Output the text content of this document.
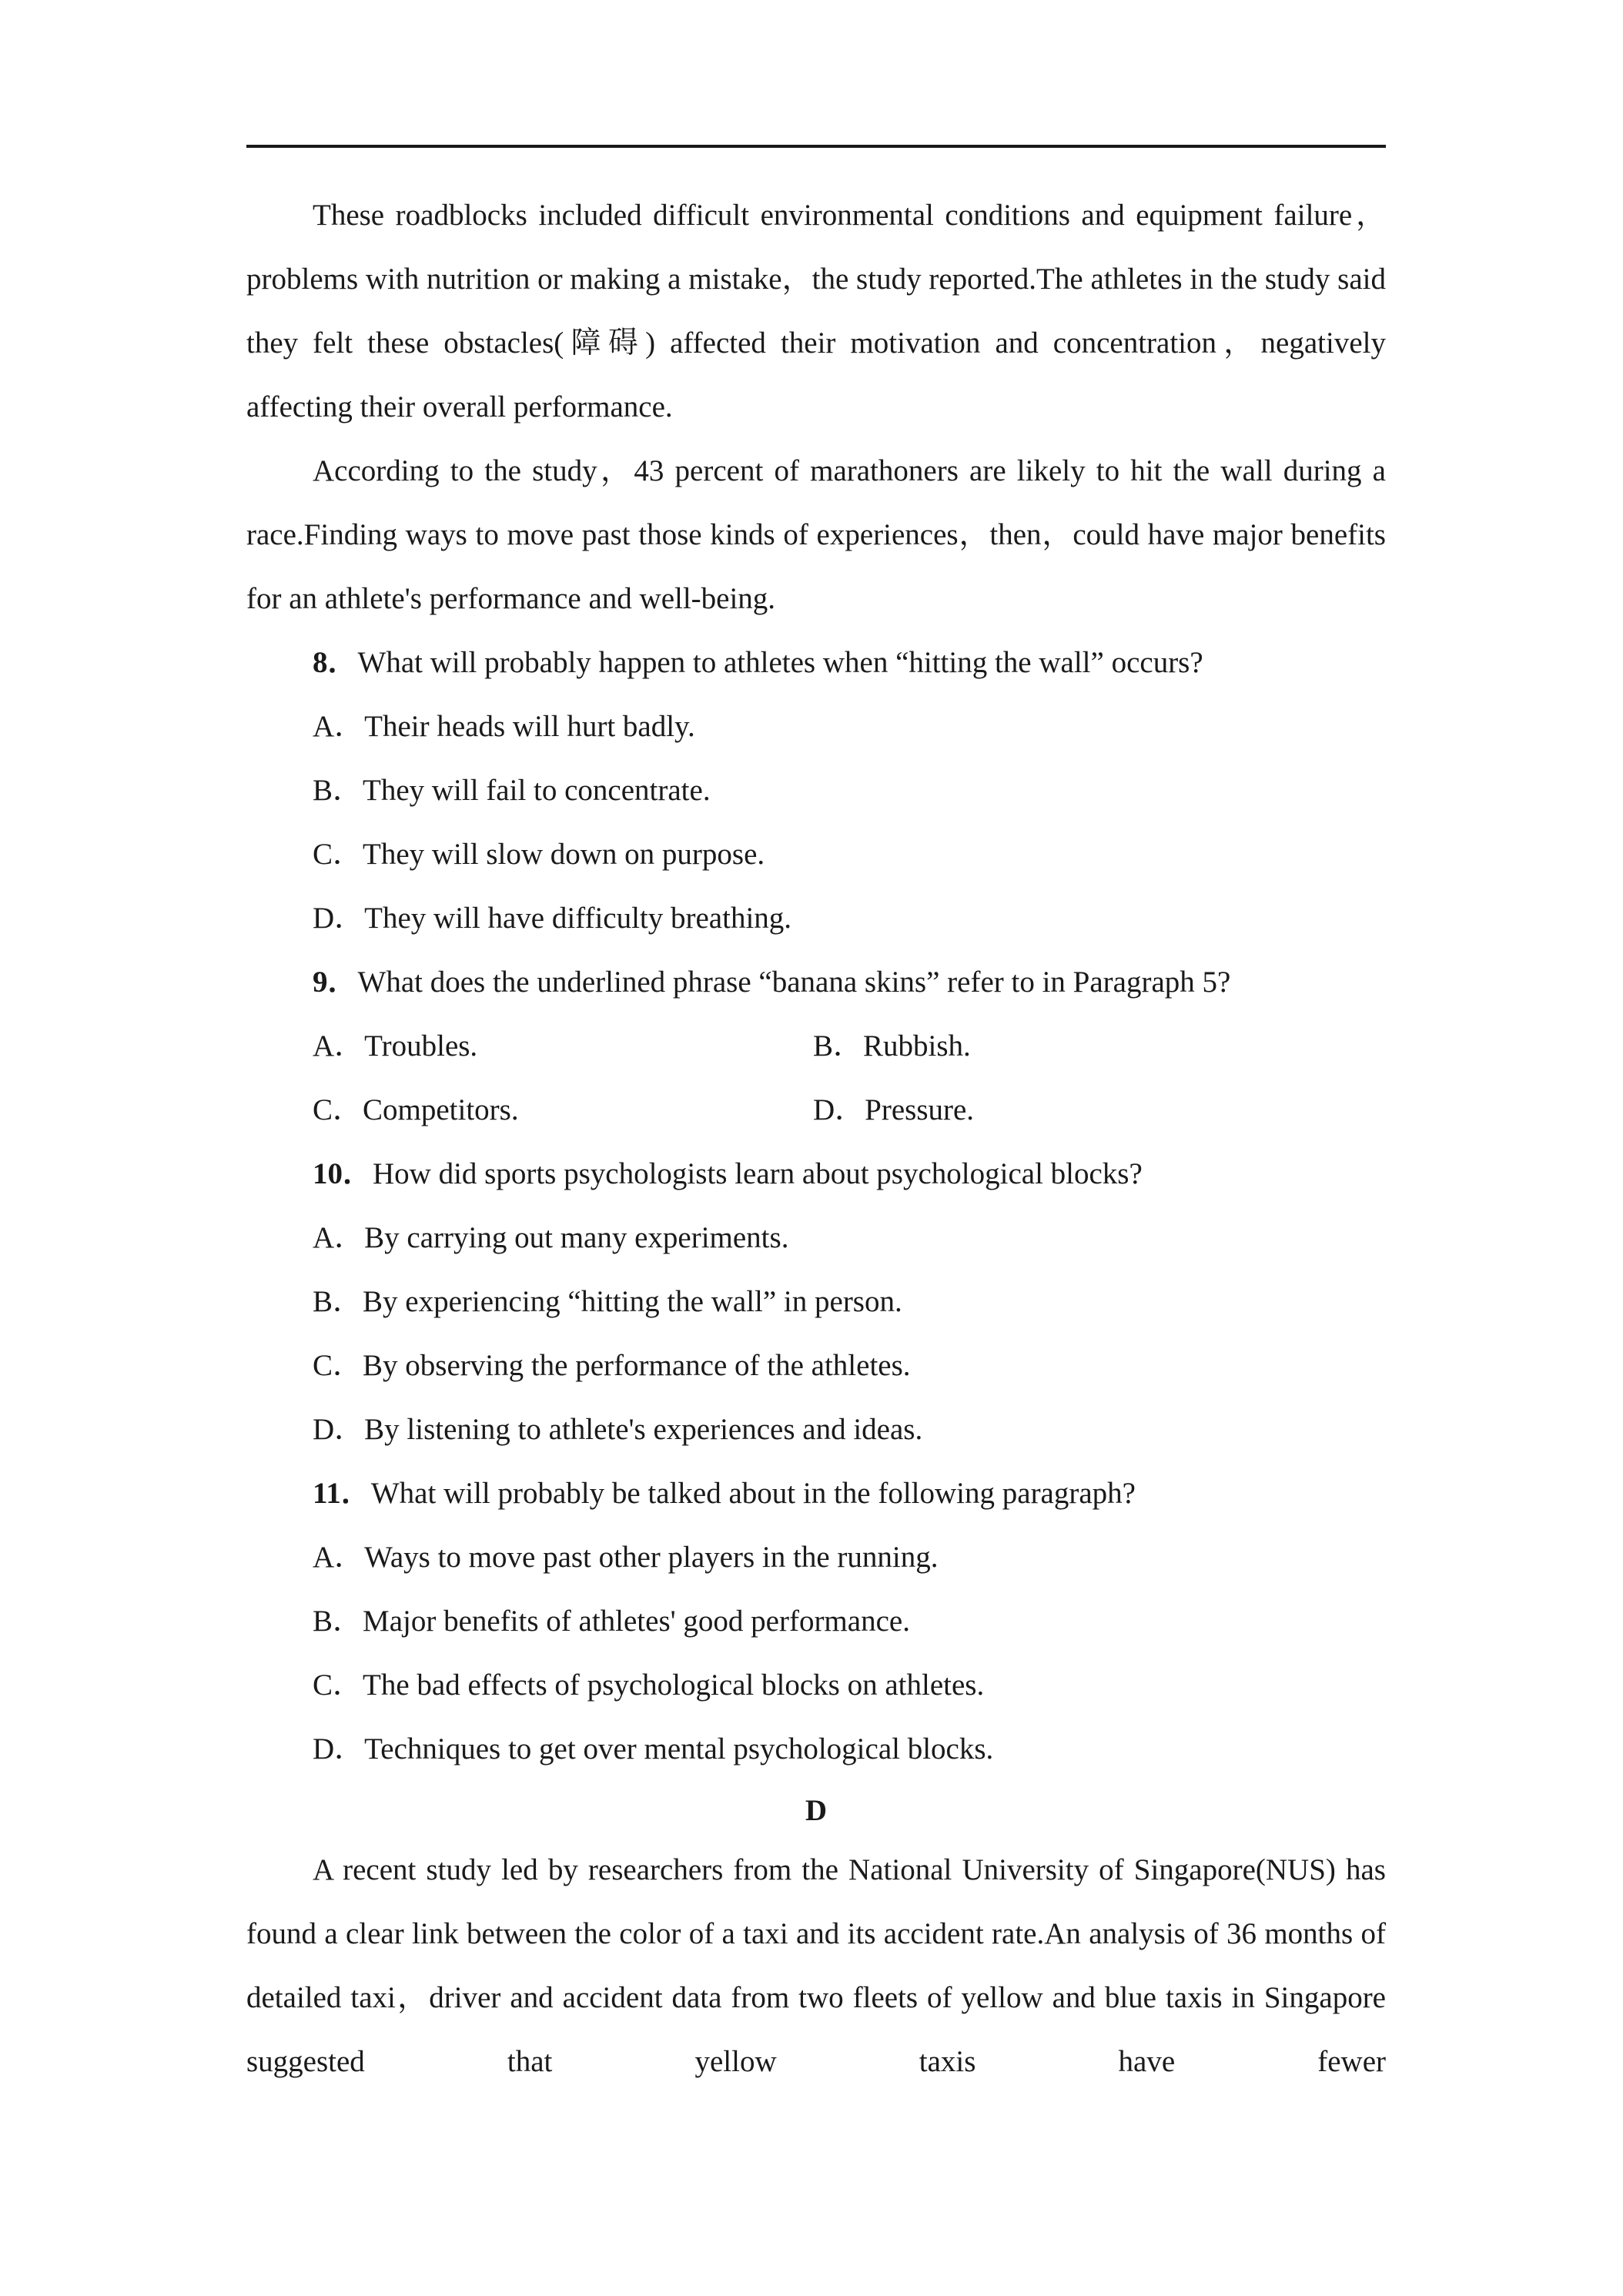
These roadblocks included difficult environmental conditions and equipment failure，problems with nutrition or making a mistake，the study reported.The athletes in the study said they felt these obstacles(障碍) affected their motivation and concentration，negatively affecting their overall performance.

According to the study，43 percent of marathoners are likely to hit the wall during a race.Finding ways to move past those kinds of experiences，then，could have major benefits for an athlete's performance and well‐being.

8．What will probably happen to athletes when “hitting the wall” occurs?

A．Their heads will hurt badly.

B．They will fail to concentrate.

C．They will slow down on purpose.

D．They will have difficulty breathing.

9．What does the underlined phrase “banana skins” refer to in Paragraph 5?

A．Troubles.	B．Rubbish.
C．Competitors.	D．Pressure.

10．How did sports psychologists learn about psychological blocks?

A．By carrying out many experiments.

B．By experiencing “hitting the wall” in person.

C．By observing the performance of the athletes.

D．By listening to athlete's experiences and ideas.

11．What will probably be talked about in the following paragraph?

A．Ways to move past other players in the running.

B．Major benefits of athletes' good performance.

C．The bad effects of psychological blocks on athletes.

D．Techniques to get over mental psychological blocks.

D

A recent study led by researchers from the National University of Singapore(NUS) has found a clear link between the color of a taxi and its accident rate.An analysis of 36 months of detailed taxi，driver and accident data from two fleets of yellow and blue taxis in Singapore suggested that yellow taxis have fewer
